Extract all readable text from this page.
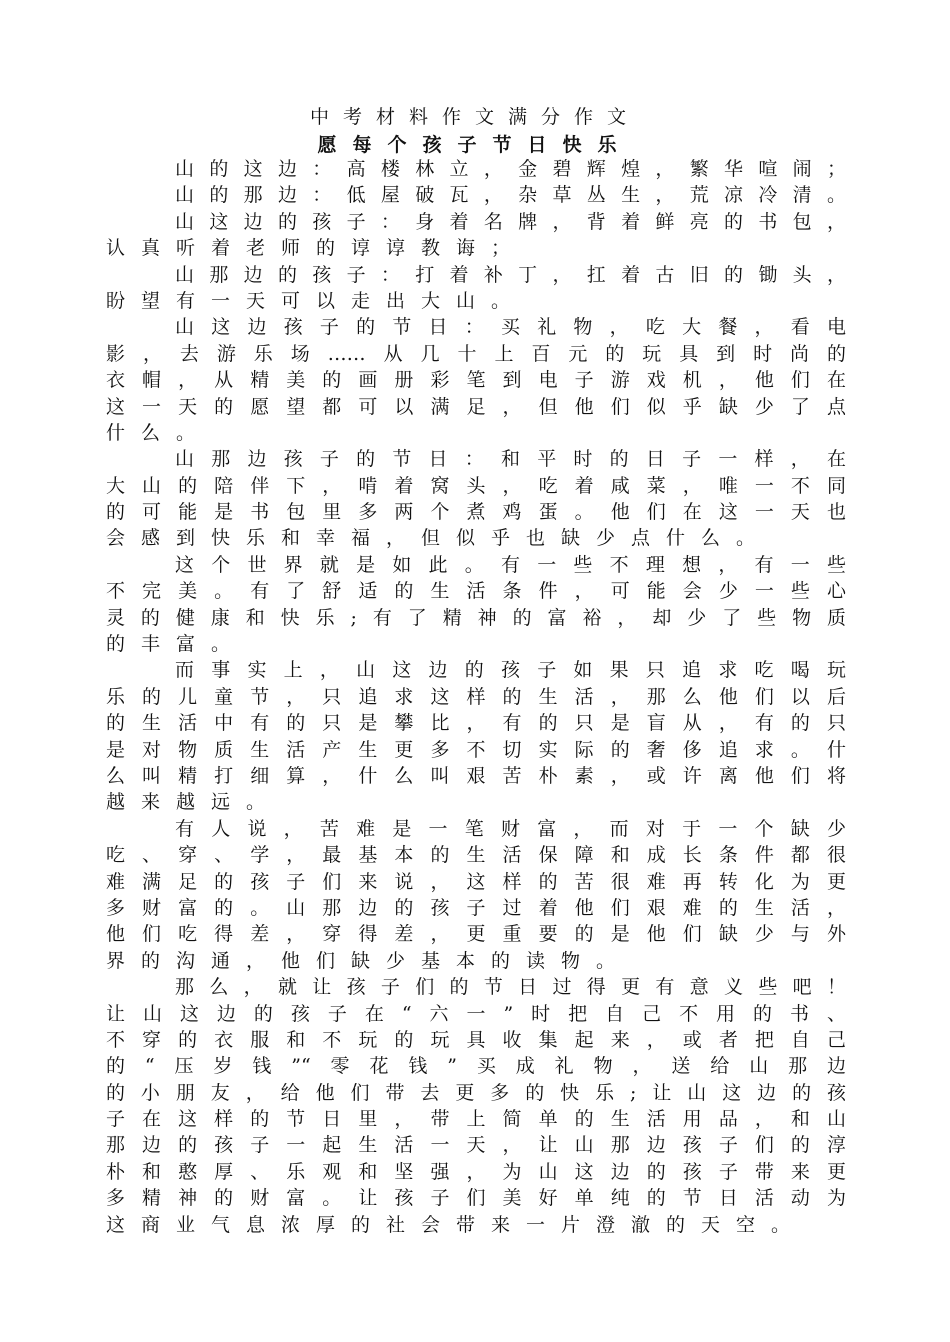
中考材料作文满分作文
愿每个孩子节日快乐
山的这边：高楼林立，金碧辉煌，繁华喧闹；
山的那边：低屋破瓦，杂草丛生，荒凉冷清。
山这边的孩子：身着名牌，背着鲜亮的书包，
认真听着老师的谆谆教诲；
山那边的孩子：打着补丁，扛着古旧的锄头，
盼望有一天可以走出大山。
山这边孩子的节日：买礼物，吃大餐，看电
影，去游乐场……从几十上百元的玩具到时尚的
衣帽，从精美的画册彩笔到电子游戏机，他们在
这一天的愿望都可以满足，但他们似乎缺少了点
什么。
山那边孩子的节日：和平时的日子一样，在
大山的陪伴下，啃着窝头，吃着咸菜，唯一不同
的可能是书包里多两个煮鸡蛋。他们在这一天也
会感到快乐和幸福，但似乎也缺少点什么。
这个世界就是如此。有一些不理想，有一些
不完美。有了舒适的生活条件，可能会少一些心
灵的健康和快乐;有了精神的富裕，却少了些物质
的丰富。
而事实上，山这边的孩子如果只追求吃喝玩
乐的儿童节，只追求这样的生活，那么他们以后
的生活中有的只是攀比，有的只是盲从，有的只
是对物质生活产生更多不切实际的奢侈追求。什
么叫精打细算，什么叫艰苦朴素，或许离他们将
越来越远。
有人说，苦难是一笔财富，而对于一个缺少
吃、穿、学，最基本的生活保障和成长条件都很
难满足的孩子们来说，这样的苦很难再转化为更
多财富的。山那边的孩子过着他们艰难的生活，
他们吃得差，穿得差，更重要的是他们缺少与外
界的沟通，他们缺少基本的读物。
那么，就让孩子们的节日过得更有意义些吧！
让山这边的孩子在“六一”时把自己不用的书、
不穿的衣服和不玩的玩具收集起来，或者把自己
的“压岁钱”“零花钱”买成礼物，送给山那边
的小朋友，给他们带去更多的快乐;让山这边的孩
子在这样的节日里，带上简单的生活用品，和山
那边的孩子一起生活一天，让山那边孩子们的淳
朴和憨厚、乐观和坚强，为山这边的孩子带来更
多精神的财富。让孩子们美好单纯的节日活动为
这商业气息浓厚的社会带来一片澄澈的天空。
